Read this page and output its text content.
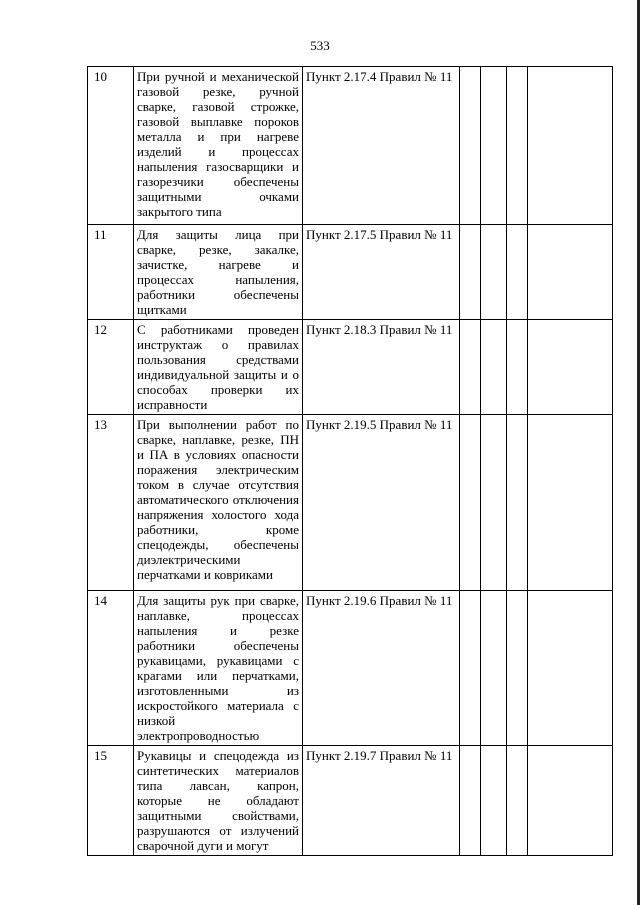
533
10	При ручной и механической газовой резке, ручной сварке, газовой строжке, газовой выплавке пороков металла и при нагреве изделий и процессах напыления газосварщики и газорезчики обеспечены защитными очками закрытого типа	Пункт 2.17.4 Правил № 11				
11	Для защиты лица при сварке, резке, закалке, зачистке, нагреве и процессах напыления, работники обеспечены щитками	Пункт 2.17.5 Правил № 11				
12	С работниками проведен инструктаж о правилах пользования средствами индивидуальной защиты и о способах проверки их исправности	Пункт 2.18.3 Правил № 11				
13	При выполнении работ по сварке, наплавке, резке, ПН и ПА в условиях опасности поражения электрическим током в случае отсутствия автоматического отключения напряжения холостого хода работники, кроме спецодежды, обеспечены диэлектрическими перчатками и ковриками	Пункт 2.19.5 Правил № 11				
14	Для защиты рук при сварке, наплавке, процессах напыления и резке работники обеспечены рукавицами, рукавицами с крагами или перчатками, изготовленными из искростойкого материала с низкой электропроводностью	Пункт 2.19.6 Правил № 11				
15	Рукавицы и спецодежда из синтетических материалов типа лавсан, капрон, которые не обладают защитными свойствами, разрушаются от излучений сварочной дуги и могут	Пункт 2.19.7 Правил № 11				
